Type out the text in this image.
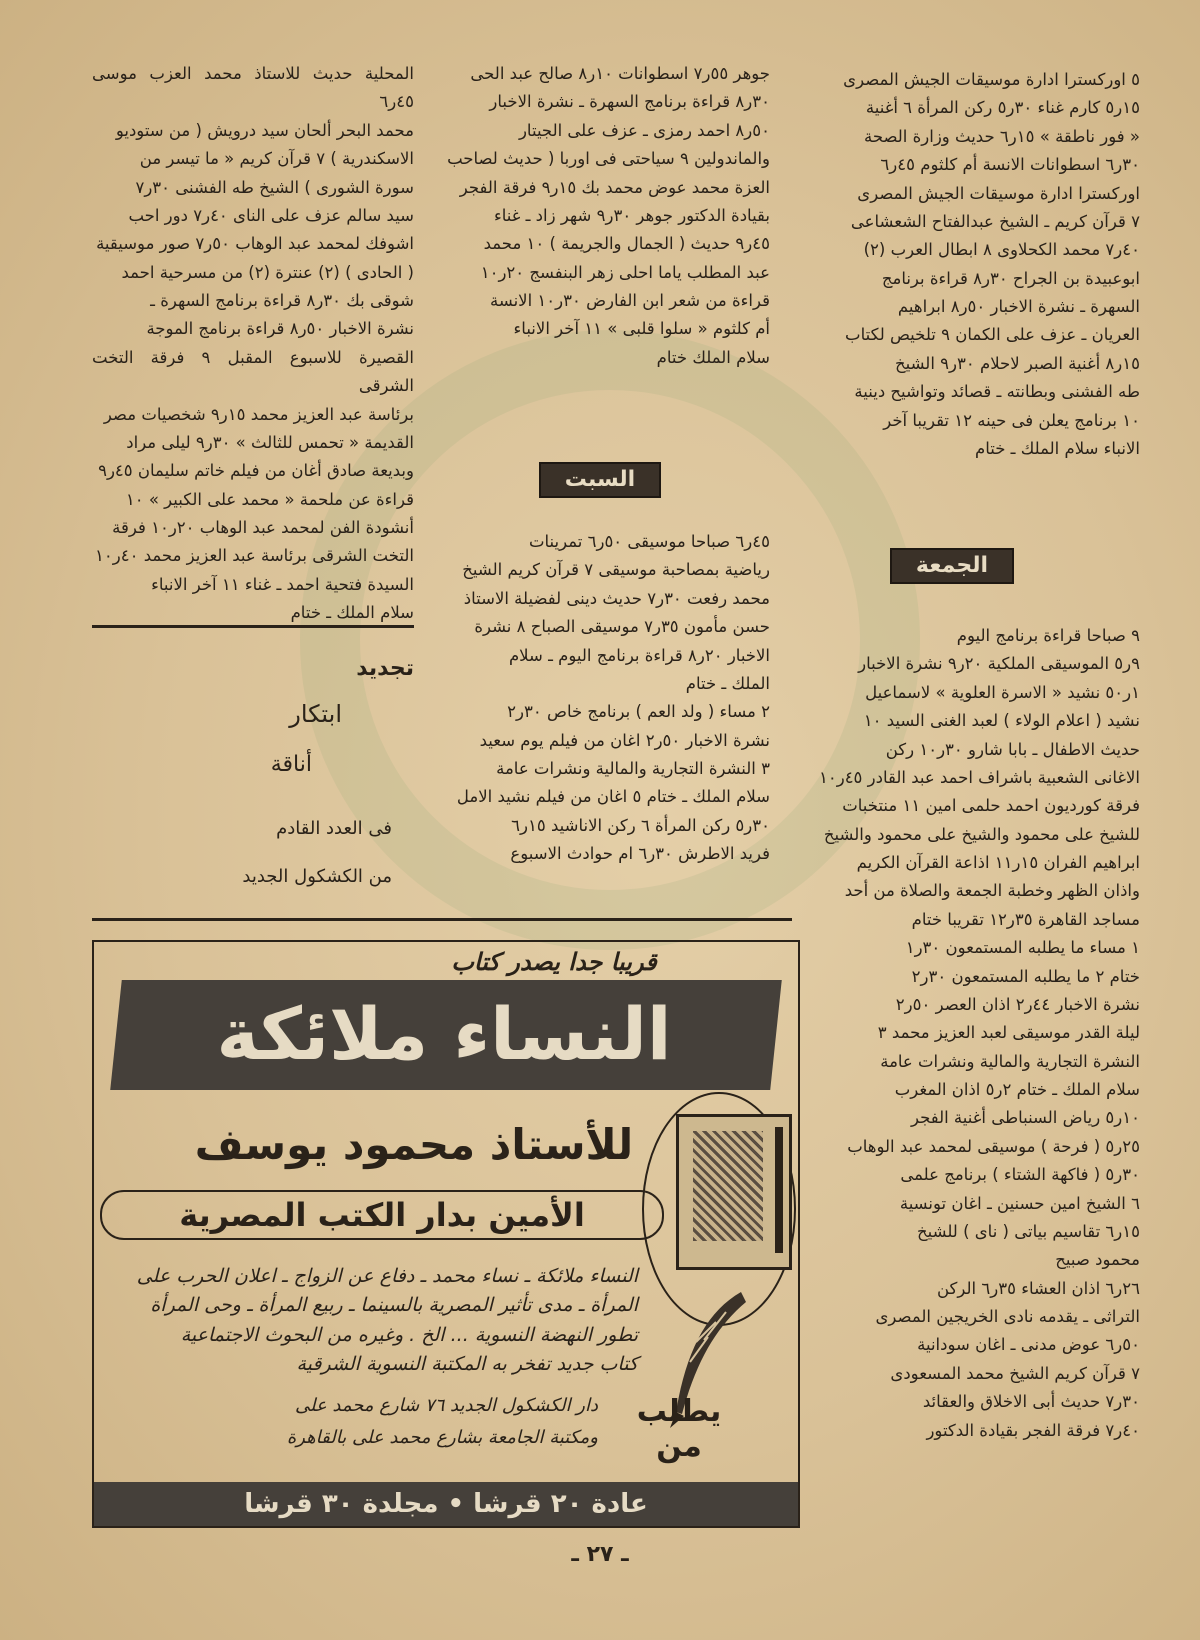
٥ اوركسترا ادارة موسيقات الجيش المصرى

١٥ر٥ كارم غناء ٣٠ر٥ ركن المرأة ٦ أغنية

« فور ناطقة » ١٥ر٦ حديث وزارة الصحة

٣٠ر٦ اسطوانات الانسة أم كلثوم ٤٥ر٦

اوركسترا ادارة موسيقات الجيش المصرى

٧ قرآن كريم ـ الشيخ عبدالفتاح الشعشاعى

٤٠ر٧ محمد الكحلاوى ٨ ابطال العرب (٢)

ابوعبيدة بن الجراح ٣٠ر٨ قراءة برنامج

السهرة ـ نشرة الاخبار ٥٠ر٨ ابراهيم

العريان ـ عزف على الكمان ٩ تلخيص لكتاب

١٥ر٨ أغنية الصبر لاحلام ٣٠ر٩ الشيخ

طه الفشنى وبطانته ـ قصائد وتواشيح دينية

١٠ برنامج يعلن فى حينه ١٢ تقريبا آخر

الانباء سلام الملك ـ ختام

الجمعة

٩ صباحا قراءة برنامج اليوم

٩ر٥ الموسيقى الملكية ٢٠ر٩ نشرة الاخبار

١ر٥٠ نشيد « الاسرة العلوية » لاسماعيل

نشيد ( اعلام الولاء ) لعبد الغنى السيد ١٠

حديث الاطفال ـ بابا شارو ٣٠ر١٠ ركن

الاغانى الشعبية باشراف احمد عبد القادر ٤٥ر١٠

فرقة كورديون احمد حلمى امين ١١ منتخبات

للشيخ على محمود والشيخ على محمود والشيخ

ابراهيم الفران ١٥ر١١ اذاعة القرآن الكريم

واذان الظهر وخطبة الجمعة والصلاة من أحد

مساجد القاهرة ٣٥ر١٢ تقريبا ختام

١ مساء ما يطلبه المستمعون ٣٠ر١

ختام ٢ ما يطلبه المستمعون ٣٠ر٢

نشرة الاخبار ٤٤ر٢ اذان العصر ٥٠ر٢

ليلة القدر موسيقى لعبد العزيز محمد ٣

النشرة التجارية والمالية ونشرات عامة

سلام الملك ـ ختام ٢ر٥ اذان المغرب

١٠ر٥ رياض السنباطى أغنية الفجر

٢٥ر٥ ( فرحة ) موسيقى لمحمد عبد الوهاب

٣٠ر٥ ( فاكهة الشتاء ) برنامج علمى

٦ الشيخ امين حسنين ـ اغان تونسية

١٥ر٦ تقاسيم بياتى ( ناى ) للشيخ

محمود صبيح

٢٦ر٦ اذان العشاء ٣٥ر٦ الركن

التراثى ـ يقدمه نادى الخريجين المصرى

٥٠ر٦ عوض مدنى ـ اغان سودانية

٧ قرآن كريم الشيخ محمد المسعودى

٣٠ر٧ حديث أبى الاخلاق والعقائد

٤٠ر٧ فرقة الفجر بقيادة الدكتور

جوهر ٥٥ر٧ اسطوانات ١٠ر٨ صالح عبد الحى

٣٠ر٨ قراءة برنامج السهرة ـ نشرة الاخبار

٥٠ر٨ احمد رمزى ـ عزف على الجيتار

والماندولين ٩ سياحتى فى اوربا ( حديث لصاحب

العزة محمد عوض محمد بك ١٥ر٩ فرقة الفجر

بقيادة الدكتور جوهر ٣٠ر٩ شهر زاد ـ غناء

٤٥ر٩ حديث ( الجمال والجريمة ) ١٠ محمد

عبد المطلب ياما احلى زهر البنفسج ٢٠ر١٠

قراءة من شعر ابن الفارض ٣٠ر١٠ الانسة

أم كلثوم « سلوا قلبى » ١١ آخر الانباء

سلام الملك ختام

السبت

٤٥ر٦ صباحا موسيقى ٥٠ر٦ تمرينات

رياضية بمصاحبة موسيقى ٧ قرآن كريم الشيخ

محمد رفعت ٣٠ر٧ حديث دينى لفضيلة الاستاذ

حسن مأمون ٣٥ر٧ موسيقى الصباح ٨ نشرة

الاخبار ٢٠ر٨ قراءة برنامج اليوم ـ سلام

الملك ـ ختام

٢ مساء ( ولد العم ) برنامج خاص ٣٠ر٢

نشرة الاخبار ٥٠ر٢ اغان من فيلم يوم سعيد

٣ النشرة التجارية والمالية ونشرات عامة

سلام الملك ـ ختام ٥ اغان من فيلم نشيد الامل

٣٠ر٥ ركن المرأة ٦ ركن الاناشيد ١٥ر٦

فريد الاطرش ٣٠ر٦ ام حوادث الاسبوع

المحلية حديث للاستاذ محمد العزب موسى ٤٥ر٦

محمد البحر ألحان سيد درويش ( من ستوديو

الاسكندرية ) ٧ قرآن كريم « ما تيسر من

سورة الشورى ) الشيخ طه الفشنى ٣٠ر٧

سيد سالم عزف على الناى ٤٠ر٧ دور احب

اشوفك لمحمد عبد الوهاب ٥٠ر٧ صور موسيقية

( الحادى ) (٢) عنترة (٢) من مسرحية احمد

شوقى بك ٣٠ر٨ قراءة برنامج السهرة ـ

نشرة الاخبار ٥٠ر٨ قراءة برنامج الموجة

القصيرة للاسبوع المقبل ٩ فرقة التخت الشرقى

برئاسة عبد العزيز محمد ١٥ر٩ شخصيات مصر

القديمة « تحمس للثالث » ٣٠ر٩ ليلى مراد

وبديعة صادق أغان من فيلم خاتم سليمان ٤٥ر٩

قراءة عن ملحمة « محمد على الكبير » ١٠

أنشودة الفن لمحمد عبد الوهاب ٢٠ر١٠ فرقة

التخت الشرقى برئاسة عبد العزيز محمد ٤٠ر١٠

السيدة فتحية احمد ـ غناء ١١ آخر الانباء

سلام الملك ـ ختام

تجديد
ابتكار
أناقة
فى العدد القادم
من الكشكول الجديد
قريبا جدا يصدر كتاب
النساء ملائكة
للأستاذ محمود يوسف
الأمين بدار الكتب المصرية

النساء ملائكة ـ نساء محمد ـ دفاع عن الزواج ـ اعلان الحرب على

المرأة ـ مدى تأثير المصرية بالسينما ـ ربيع المرأة ـ وحى المرأة

تطور النهضة النسوية ... الخ . وغيره من البحوث الاجتماعية

كتاب جديد تفخر به المكتبة النسوية الشرقية

يطلب من

دار الكشكول الجديد ٧٦ شارع محمد على

ومكتبة الجامعة بشارع محمد على بالقاهرة

عادة ٢٠ قرشا • مجلدة ٣٠ قرشا
ـ ٢٧ ـ
